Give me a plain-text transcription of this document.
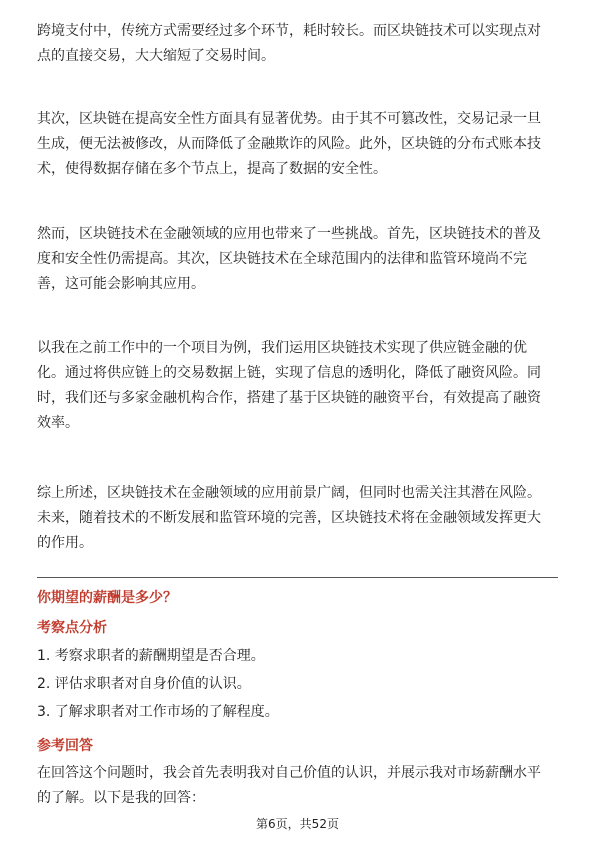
跨境支付中，传统方式需要经过多个环节，耗时较长。而区块链技术可以实现点对
点的直接交易，大大缩短了交易时间。
其次，区块链在提高安全性方面具有显著优势。由于其不可篡改性，交易记录一旦
生成，便无法被修改，从而降低了金融欺诈的风险。此外，区块链的分布式账本技
术，使得数据存储在多个节点上，提高了数据的安全性。
然而，区块链技术在金融领域的应用也带来了一些挑战。首先，区块链技术的普及
度和安全性仍需提高。其次，区块链技术在全球范围内的法律和监管环境尚不完
善，这可能会影响其应用。
以我在之前工作中的一个项目为例，我们运用区块链技术实现了供应链金融的优
化。通过将供应链上的交易数据上链，实现了信息的透明化，降低了融资风险。同
时，我们还与多家金融机构合作，搭建了基于区块链的融资平台，有效提高了融资
效率。
综上所述，区块链技术在金融领域的应用前景广阔，但同时也需关注其潜在风险。
未来，随着技术的不断发展和监管环境的完善，区块链技术将在金融领域发挥更大
的作用。
你期望的薪酬是多少？
考察点分析
1. 考察求职者的薪酬期望是否合理。
2. 评估求职者对自身价值的认识。
3. 了解求职者对工作市场的了解程度。
参考回答
在回答这个问题时，我会首先表明我对自己价值的认识，并展示我对市场薪酬水平
的了解。以下是我的回答：
第6页，共52页
